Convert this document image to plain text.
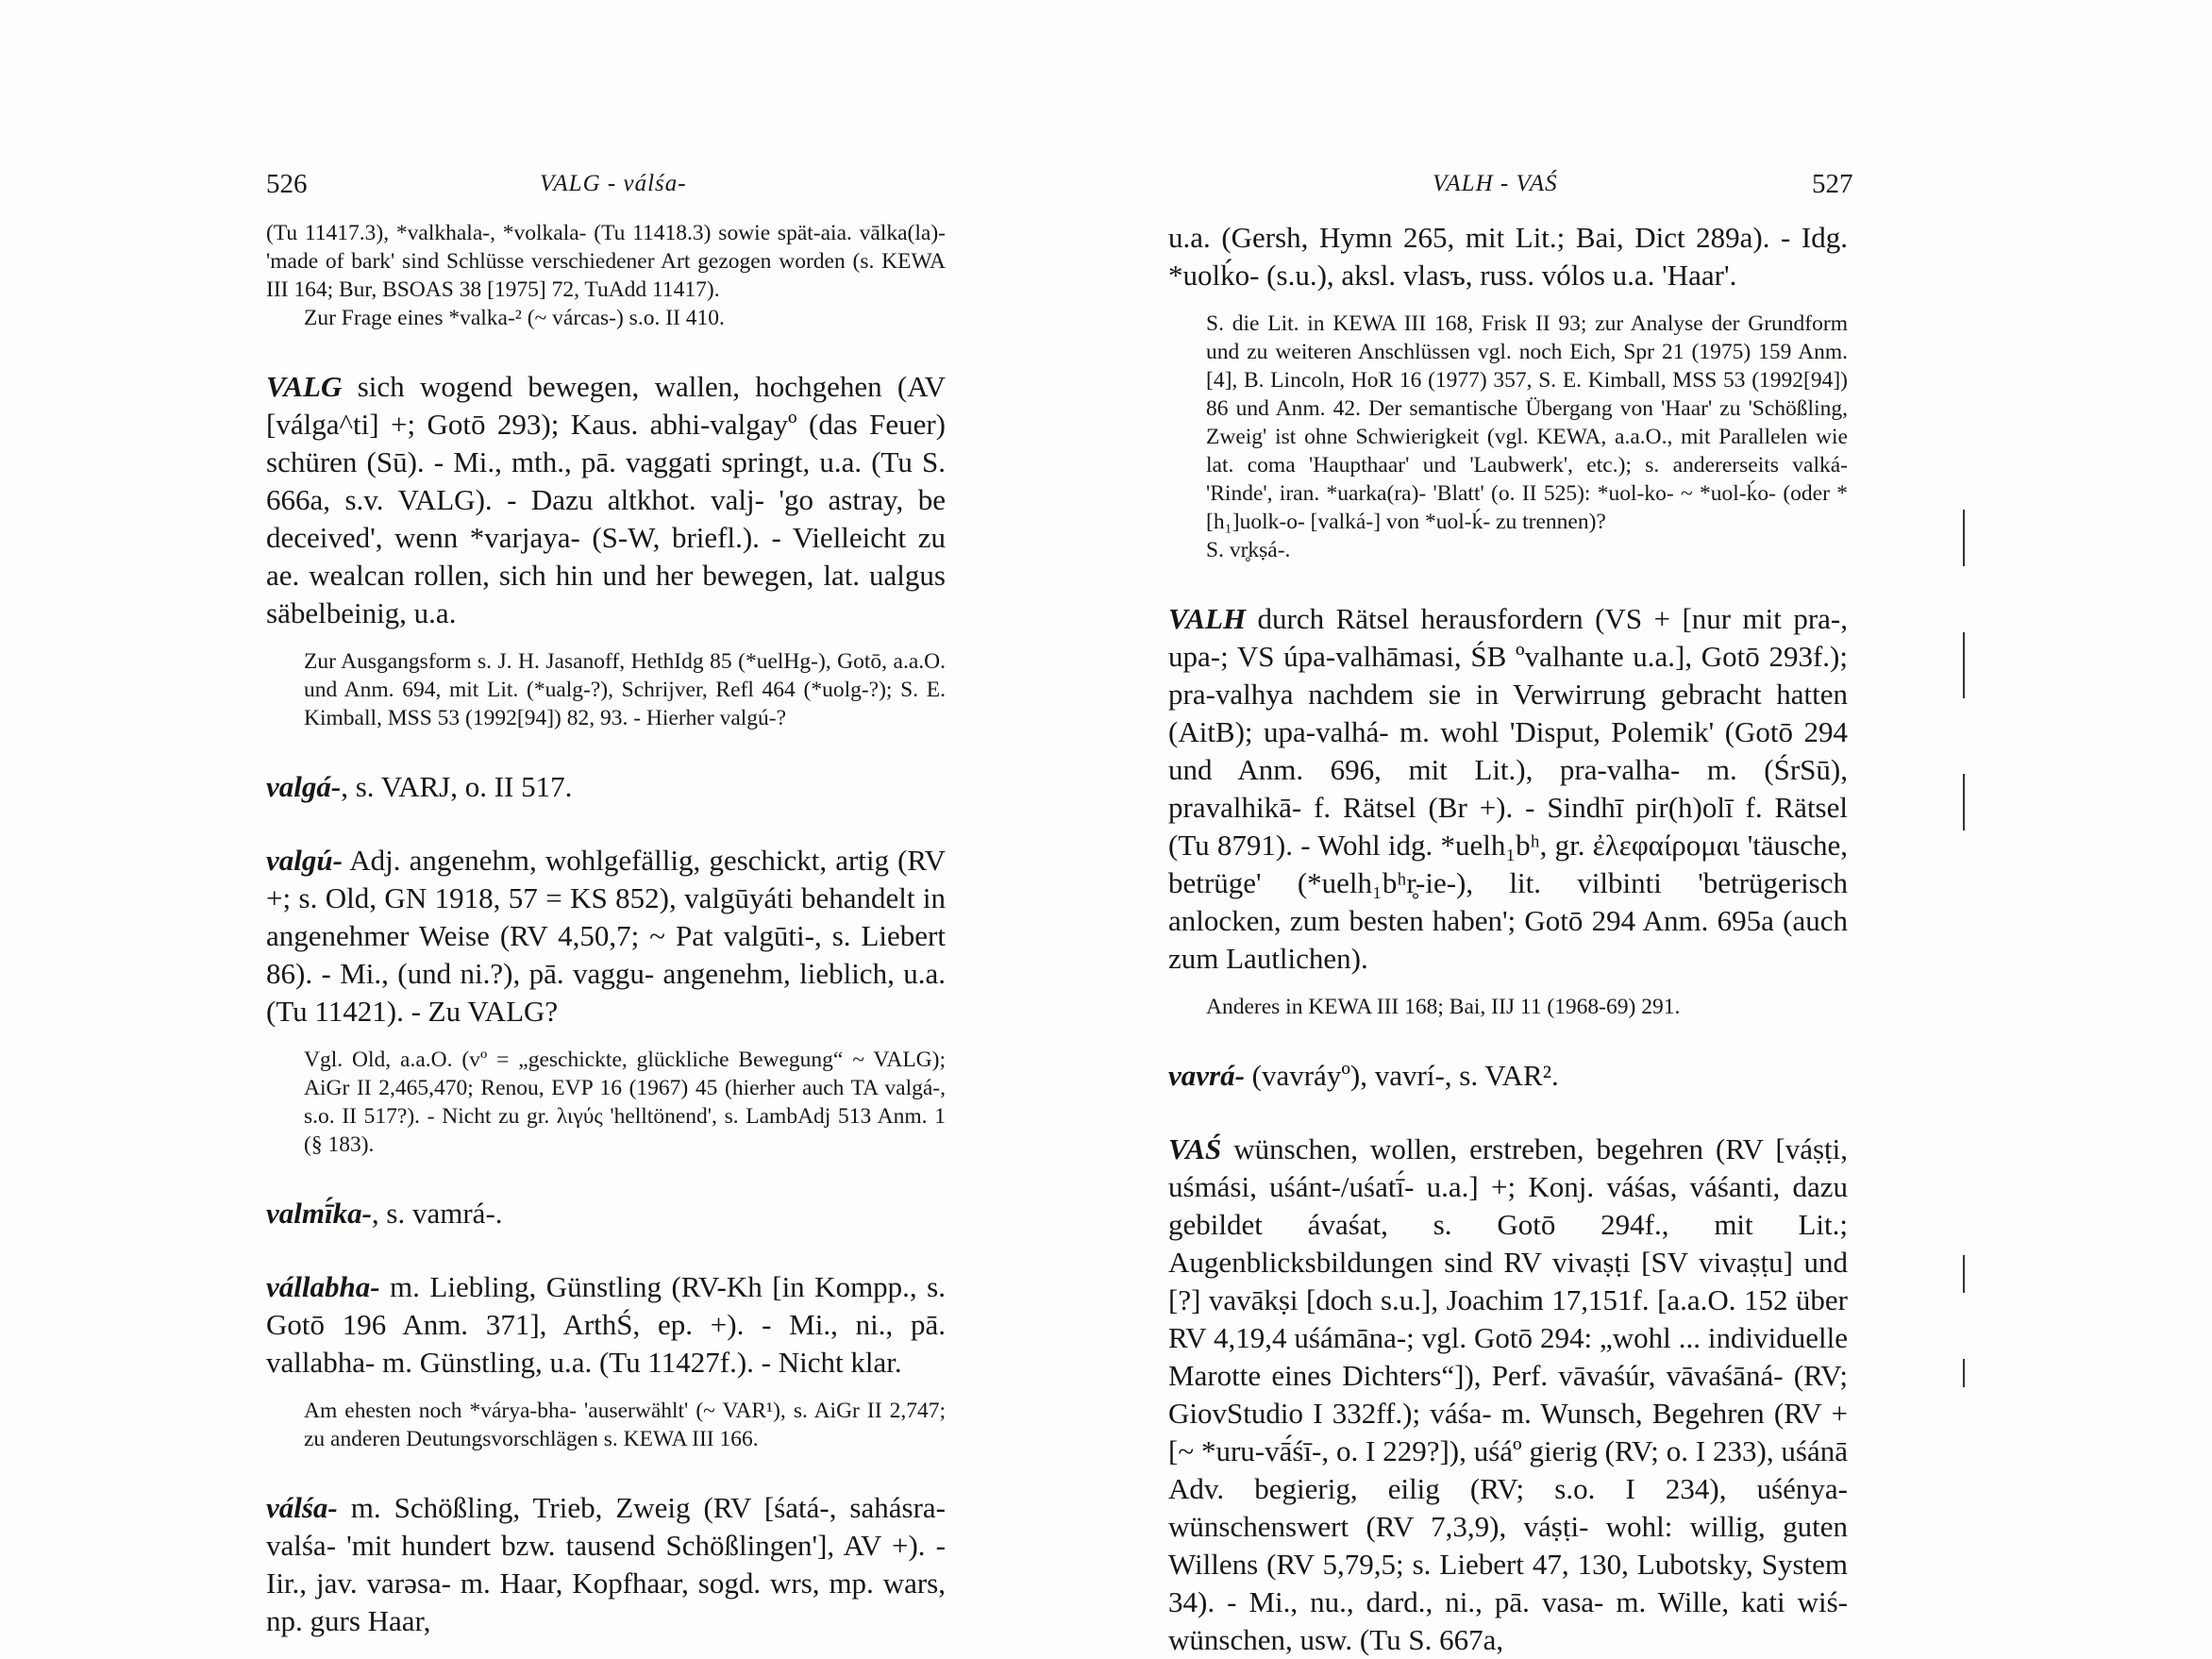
526	VALG - válśa-

(Tu 11417.3), *valkhala-, *volkala- (Tu 11418.3) sowie spät-aia. vālka(la)- 'made of bark' sind Schlüsse verschiedener Art gezogen worden (s. KEWA III 164; Bur, BSOAS 38 [1975] 72, TuAdd 11417).

Zur Frage eines *valka-² (~ várcas-) s.o. II 410.

VALG sich wogend bewegen, wallen, hochgehen (AV [válga^ti] +; Gotō 293); Kaus. abhi-valgayº (das Feuer) schüren (Sū). - Mi., mth., pā. vaggati springt, u.a. (Tu S. 666a, s.v. VALG). - Dazu altkhot. valj- 'go astray, be deceived', wenn *varjaya- (S-W, briefl.). - Vielleicht zu ae. wealcan rollen, sich hin und her bewegen, lat. ualgus säbelbeinig, u.a.

Zur Ausgangsform s. J. H. Jasanoff, HethIdg 85 (*uelHg-), Gotō, a.a.O. und Anm. 694, mit Lit. (*ualg-?), Schrijver, Refl 464 (*uolg-?); S. E. Kimball, MSS 53 (1992[94]) 82, 93. - Hierher valgú-?

valgá-, s. VARJ, o. II 517.

valgú- Adj. angenehm, wohlgefällig, geschickt, artig (RV +; s. Old, GN 1918, 57 = KS 852), valgūyáti behandelt in angenehmer Weise (RV 4,50,7; ~ Pat valgūti-, s. Liebert 86). - Mi., (und ni.?), pā. vaggu- angenehm, lieblich, u.a. (Tu 11421). - Zu VALG?

Vgl. Old, a.a.O. (vº = „geschickte, glückliche Bewegung“ ~ VALG); AiGr II 2,465,470; Renou, EVP 16 (1967) 45 (hierher auch TA valgá-, s.o. II 517?). - Nicht zu gr. λιγύς 'helltönend', s. LambAdj 513 Anm. 1 (§ 183).

valmī́ka-, s. vamrá-.

vállabha- m. Liebling, Günstling (RV-Kh [in Kompp., s. Gotō 196 Anm. 371], ArthŚ, ep. +). - Mi., ni., pā. vallabha- m. Günstling, u.a. (Tu 11427f.). - Nicht klar.

Am ehesten noch *várya-bha- 'auserwählt' (~ VAR¹), s. AiGr II 2,747; zu anderen Deutungsvorschlägen s. KEWA III 166.

válśa- m. Schößling, Trieb, Zweig (RV [śatá-, sahásra-valśa- 'mit hundert bzw. tausend Schößlingen'], AV +). - Iir., jav. varəsa- m. Haar, Kopfhaar, sogd. wrs, mp. wars, np. gurs Haar,

VALH - VAŚ	527

u.a. (Gersh, Hymn 265, mit Lit.; Bai, Dict 289a). - Idg. *uolḱo- (s.u.), aksl. vlasъ, russ. vólos u.a. 'Haar'.

S. die Lit. in KEWA III 168, Frisk II 93; zur Analyse der Grundform und zu weiteren Anschlüssen vgl. noch Eich, Spr 21 (1975) 159 Anm. [4], B. Lincoln, HoR 16 (1977) 357, S. E. Kimball, MSS 53 (1992[94]) 86 und Anm. 42. Der semantische Übergang von 'Haar' zu 'Schößling, Zweig' ist ohne Schwierigkeit (vgl. KEWA, a.a.O., mit Parallelen wie lat. coma 'Haupthaar' und 'Laubwerk', etc.); s. andererseits valká- 'Rinde', iran. *uarka(ra)- 'Blatt' (o. II 525): *uol-ko- ~ *uol-ḱo- (oder *[h₁]uolk-o- [valká-] von *uol-ḱ- zu trennen)?

S. vr̥kṣá-.

VALH durch Rätsel herausfordern (VS + [nur mit pra-, upa-; VS úpa-valhāmasi, ŚB ºvalhante u.a.], Gotō 293f.); pra-valhya nachdem sie in Verwirrung gebracht hatten (AitB); upa-valhá- m. wohl 'Disput, Polemik' (Gotō 294 und Anm. 696, mit Lit.), pra-valha- m. (ŚrSū), pravalhikā- f. Rätsel (Br +). - Sindhī pir(h)olī f. Rätsel (Tu 8791). - Wohl idg. *uelh₁bʰ, gr. ἐλεφαίρομαι 'täusche, betrüge' (*uelh₁bʰr̥-ie-), lit. vilbinti 'betrügerisch anlocken, zum besten haben'; Gotō 294 Anm. 695a (auch zum Lautlichen).

Anderes in KEWA III 168; Bai, IIJ 11 (1968-69) 291.

vavrá- (vavráyº), vavrí-, s. VAR².

VAŚ wünschen, wollen, erstreben, begehren (RV [váṣṭi, uśmási, uśánt-/uśatī́- u.a.] +; Konj. váśas, váśanti, dazu gebildet ávaśat, s. Gotō 294f., mit Lit.; Augenblicksbildungen sind RV vivaṣṭi [SV vivaṣṭu] und [?] vavākṣi [doch s.u.], Joachim 17,151f. [a.a.O. 152 über RV 4,19,4 uśámāna-; vgl. Gotō 294: „wohl ... individuelle Marotte eines Dichters“]), Perf. vāvaśúr, vāvaśāná- (RV; GiovStudio I 332ff.); váśa- m. Wunsch, Begehren (RV + [~ *uru-vā́śī-, o. I 229?]), uśáº gierig (RV; o. I 233), uśánā Adv. begierig, eilig (RV; s.o. I 234), uśénya- wünschenswert (RV 7,3,9), váṣṭi- wohl: willig, guten Willens (RV 5,79,5; s. Liebert 47, 130, Lubotsky, System 34). - Mi., nu., dard., ni., pā. vasa- m. Wille, kati wiś- wünschen, usw. (Tu S. 667a,
